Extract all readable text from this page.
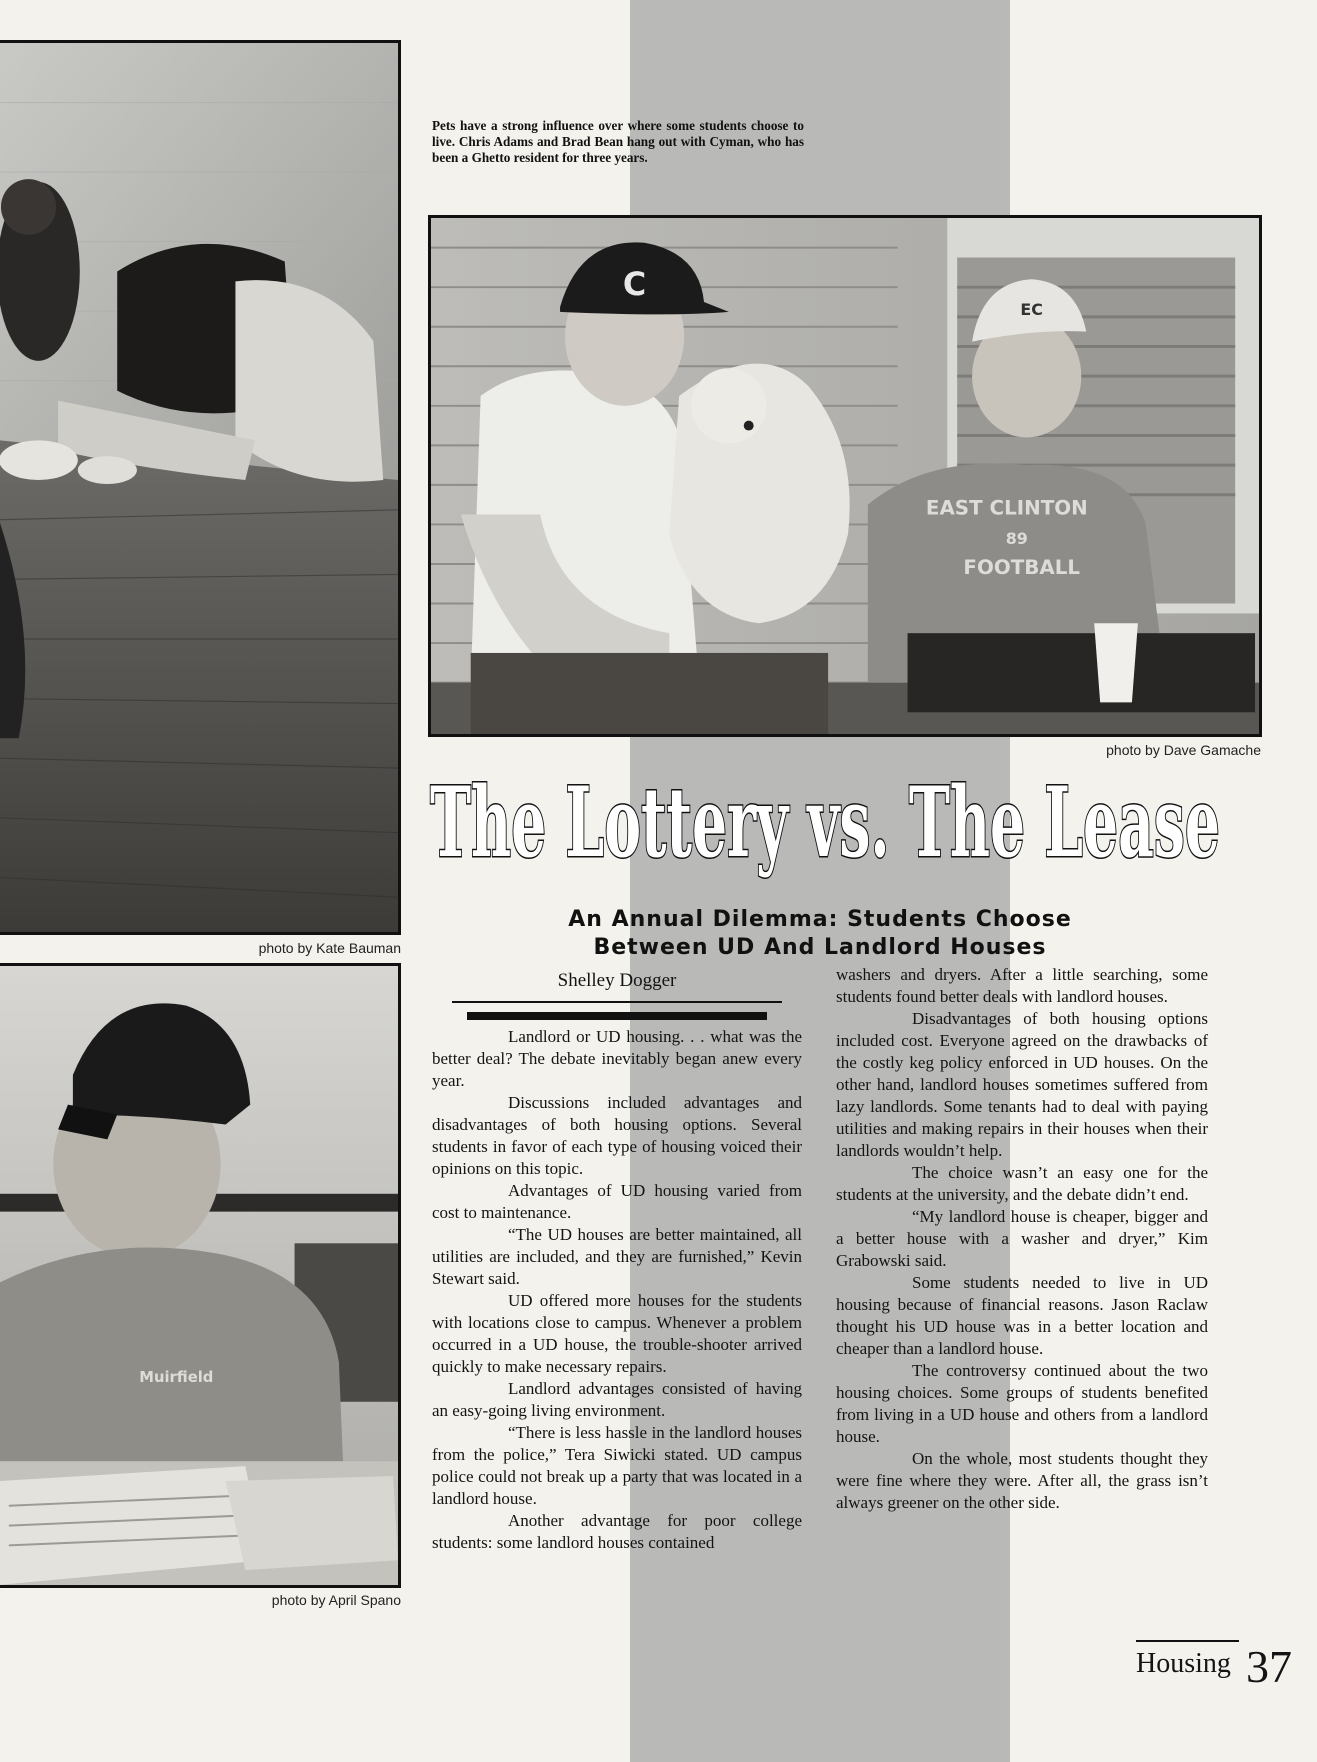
photo by Kate Bauman
Pets have a strong influence over where some students choose to live. Chris Adams and Brad Bean hang out with Cyman, who has been a Ghetto resident for three years.
C
EC
EAST CLINTON
89
FOOTBALL
photo by Dave Gamache
The Lottery vs. The Lease
An Annual Dilemma: Students Choose
Between UD And Landlord Houses
Muirfield
photo by April Spano
Shelley Dogger

Landlord or UD housing. . . what was the better deal? The debate inevitably began anew every year.

Discussions included advantages and disadvantages of both housing options. Several students in favor of each type of housing voiced their opinions on this topic.

Advantages of UD housing varied from cost to maintenance.

“The UD houses are better maintained, all utilities are included, and they are furnished,” Kevin Stewart said.

UD offered more houses for the students with locations close to campus. Whenever a problem occurred in a UD house, the trouble-shooter arrived quickly to make necessary repairs.

Landlord advantages consisted of having an easy-going living environment.

“There is less hassle in the landlord houses from the police,” Tera Siwicki stated. UD campus police could not break up a party that was located in a landlord house.

Another advantage for poor college students: some landlord houses contained

washers and dryers. After a little searching, some students found better deals with landlord houses.

Disadvantages of both housing options included cost. Everyone agreed on the drawbacks of the costly keg policy enforced in UD houses. On the other hand, landlord houses sometimes suffered from lazy landlords. Some tenants had to deal with paying utilities and making repairs in their houses when their landlords wouldn’t help.

The choice wasn’t an easy one for the students at the university, and the debate didn’t end.

“My landlord house is cheaper, bigger and a better house with a washer and dryer,” Kim Grabowski said.

Some students needed to live in UD housing because of financial reasons. Jason Raclaw thought his UD house was in a better location and cheaper than a landlord house.

The controversy continued about the two housing choices. Some groups of students benefited from living in a UD house and others from a landlord house.

On the whole, most students thought they were fine where they were. After all, the grass isn’t always greener on the other side.

Housing 37
